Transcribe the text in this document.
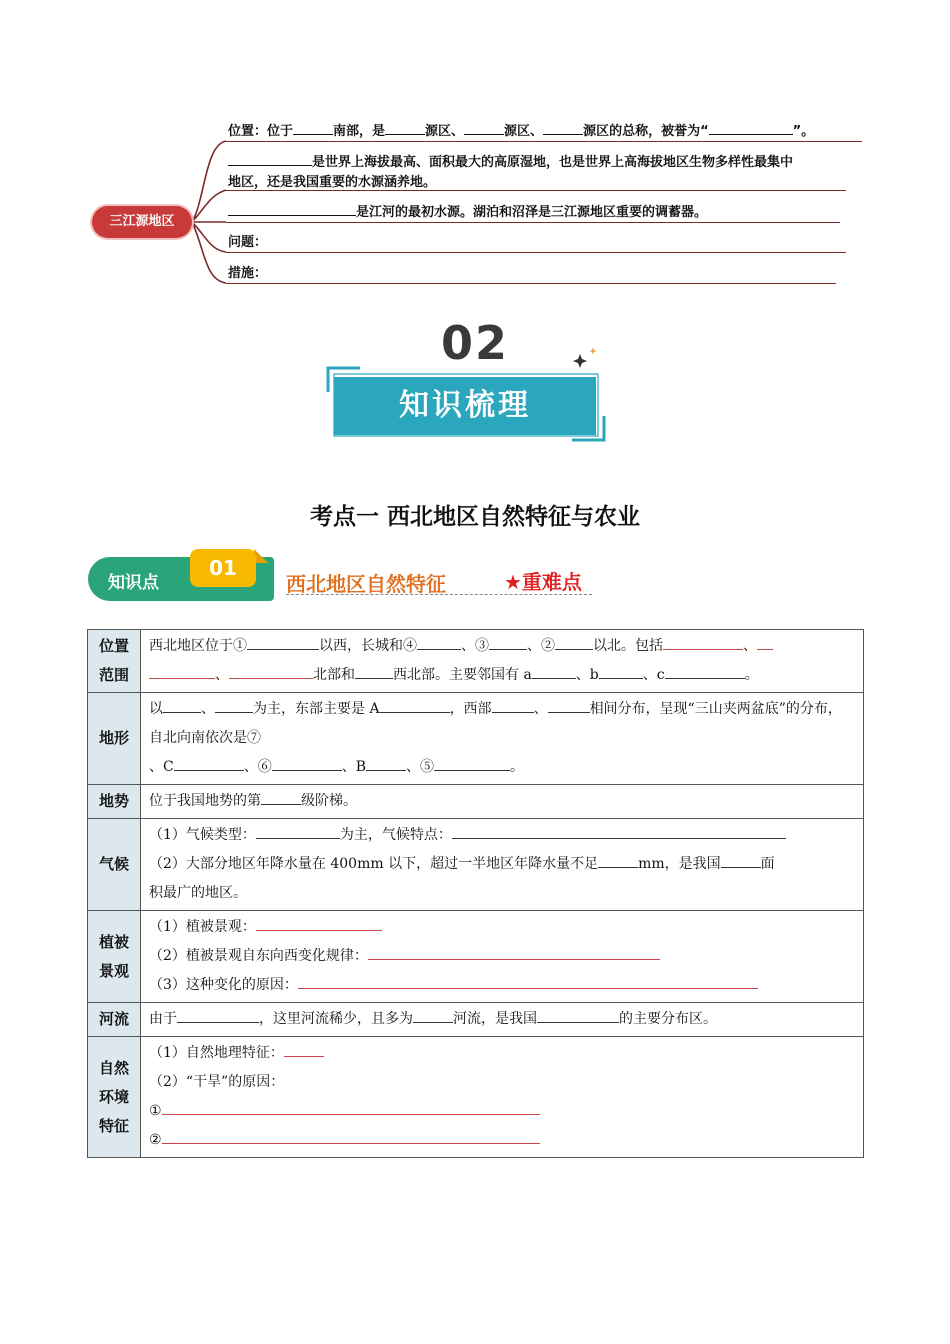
三江源地区
位置：位于	南部，是	源区、	源区、	源区的总称，被誉为“	”。
是世界上海拔最高、面积最大的高原湿地，也是世界上高海拔地区生物多样性最集中
地区，还是我国重要的水源涵养地。
是江河的最初水源。湖泊和沼泽是三江源地区重要的调蓄器。
问题：
措施：
02
知识梳理
考点一 西北地区自然特征与农业
知识点
01
西北地区自然特征	★重难点
位置
范围	西北地区位于① 以西，长城和④ 、③ 、② 以北。包括 、
、 北部和 西北部。主要邻国有 a 、b 、c 。
地形	以 、 为主，东部主要是 A ，西部 、 相间分布，呈现“三山夹两盆底”的分布，自北向南依次是⑦
、C 、⑥ 、B 、⑤ 。
地势	位于我国地势的第 级阶梯。
气候	（1）气候类型： 为主，气候特点：
（2）大部分地区年降水量在 400mm 以下，超过一半地区年降水量不足 mm，是我国 面
积最广的地区。
植被
景观	（1）植被景观：
（2）植被景观自东向西变化规律：
（3）这种变化的原因：
河流	由于 ，这里河流稀少，且多为 河流，是我国 的主要分布区。
自然
环境
特征	（1）自然地理特征：
（2）“干旱”的原因：
①
②
